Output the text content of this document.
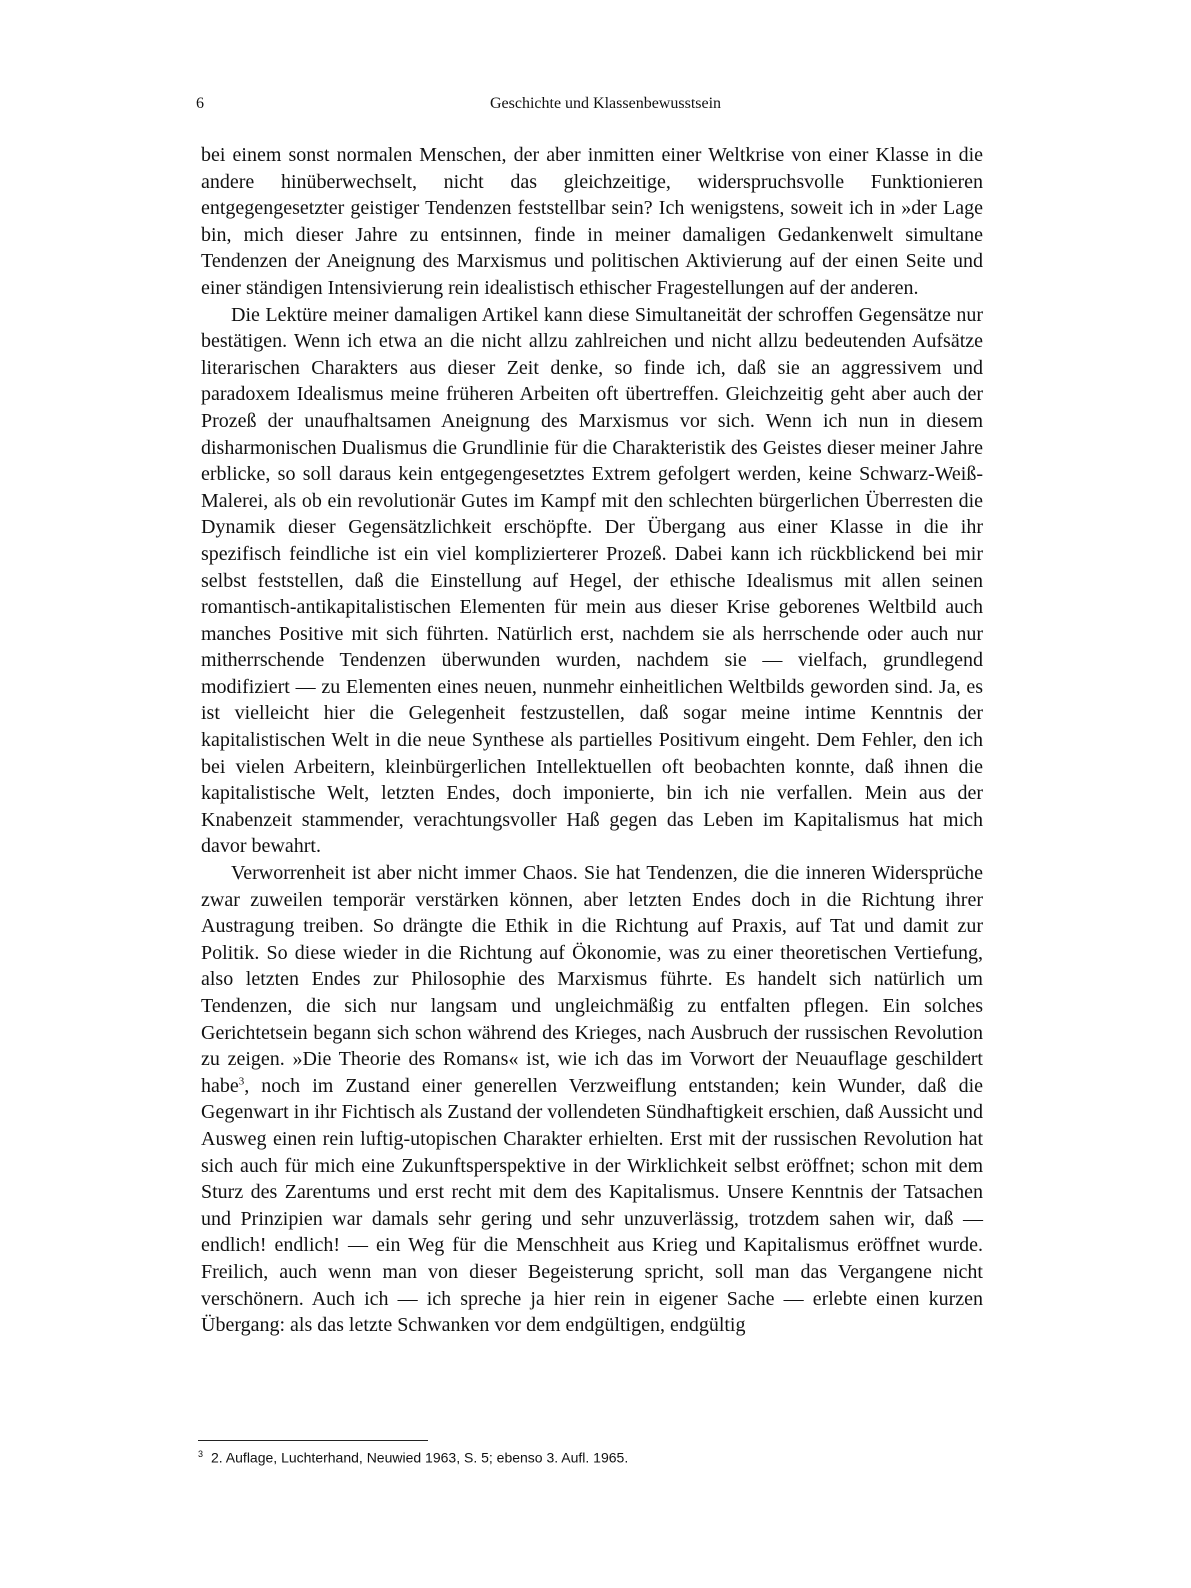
6	Geschichte und Klassenbewusstsein

bei einem sonst normalen Menschen, der aber inmitten einer Weltkrise von einer Klasse in die andere hinüberwechselt, nicht das gleichzeitige, widerspruchsvolle Funktionieren entgegengesetzter geistiger Tendenzen feststellbar sein? Ich wenigstens, soweit ich in »der Lage bin, mich dieser Jahre zu entsinnen, finde in meiner damaligen Gedankenwelt simultane Tendenzen der Aneignung des Marxismus und politischen Aktivierung auf der einen Seite und einer ständigen Intensivierung rein idealistisch ethischer Fragestellungen auf der anderen.

Die Lektüre meiner damaligen Artikel kann diese Simultaneität der schroffen Gegensätze nur bestätigen. Wenn ich etwa an die nicht allzu zahlreichen und nicht allzu bedeutenden Aufsätze literarischen Charakters aus dieser Zeit denke, so finde ich, daß sie an aggressivem und paradoxem Idealismus meine früheren Arbeiten oft übertreffen. Gleichzeitig geht aber auch der Prozeß der unaufhaltsamen Aneignung des Marxismus vor sich. Wenn ich nun in diesem disharmonischen Dualismus die Grundlinie für die Charakteristik des Geistes dieser meiner Jahre erblicke, so soll daraus kein entgegengesetztes Extrem gefolgert werden, keine Schwarz-Weiß-Malerei, als ob ein revolutionär Gutes im Kampf mit den schlechten bürgerlichen Überresten die Dynamik dieser Gegensätzlichkeit erschöpfte. Der Übergang aus einer Klasse in die ihr spezifisch feindliche ist ein viel komplizierterer Prozeß. Dabei kann ich rückblickend bei mir selbst feststellen, daß die Einstellung auf Hegel, der ethische Idealismus mit allen seinen romantisch-antikapitalistischen Elementen für mein aus dieser Krise geborenes Weltbild auch manches Positive mit sich führten. Natürlich erst, nachdem sie als herrschende oder auch nur mitherrschende Tendenzen überwunden wurden, nachdem sie — vielfach, grundlegend modifiziert — zu Elementen eines neuen, nunmehr einheitlichen Weltbilds geworden sind. Ja, es ist vielleicht hier die Gelegenheit festzustellen, daß sogar meine intime Kenntnis der kapitalistischen Welt in die neue Synthese als partielles Positivum eingeht. Dem Fehler, den ich bei vielen Arbeitern, kleinbürgerlichen Intellektuellen oft beobachten konnte, daß ihnen die kapitalistische Welt, letzten Endes, doch imponierte, bin ich nie verfallen. Mein aus der Knabenzeit stammender, verachtungsvoller Haß gegen das Leben im Kapitalismus hat mich davor bewahrt.

Verworrenheit ist aber nicht immer Chaos. Sie hat Tendenzen, die die inneren Widersprüche zwar zuweilen temporär verstärken können, aber letzten Endes doch in die Richtung ihrer Austragung treiben. So drängte die Ethik in die Richtung auf Praxis, auf Tat und damit zur Politik. So diese wieder in die Richtung auf Ökonomie, was zu einer theoretischen Vertiefung, also letzten Endes zur Philosophie des Marxismus führte. Es handelt sich natürlich um Tendenzen, die sich nur langsam und ungleichmäßig zu entfalten pflegen. Ein solches Gerichtetsein begann sich schon während des Krieges, nach Ausbruch der russischen Revolution zu zeigen. »Die Theorie des Romans« ist, wie ich das im Vorwort der Neuauflage geschildert habe$^3$, noch im Zustand einer generellen Verzweiflung entstanden; kein Wunder, daß die Gegenwart in ihr Fichtisch als Zustand der vollendeten Sündhaftigkeit erschien, daß Aussicht und Ausweg einen rein luftig-utopischen Charakter erhielten. Erst mit der russischen Revolution hat sich auch für mich eine Zukunftsperspektive in der Wirklichkeit selbst eröffnet; schon mit dem Sturz des Zarentums und erst recht mit dem des Kapitalismus. Unsere Kenntnis der Tatsachen und Prinzipien war damals sehr gering und sehr unzuverlässig, trotzdem sahen wir, daß — endlich! endlich! — ein Weg für die Menschheit aus Krieg und Kapitalismus eröffnet wurde. Freilich, auch wenn man von dieser Begeisterung spricht, soll man das Vergangene nicht verschönern. Auch ich — ich spreche ja hier rein in eigener Sache — erlebte einen kurzen Übergang: als das letzte Schwanken vor dem endgültigen, endgültig

$^3$ 2. Auflage, Luchterhand, Neuwied 1963, S. 5; ebenso 3. Aufl. 1965.
